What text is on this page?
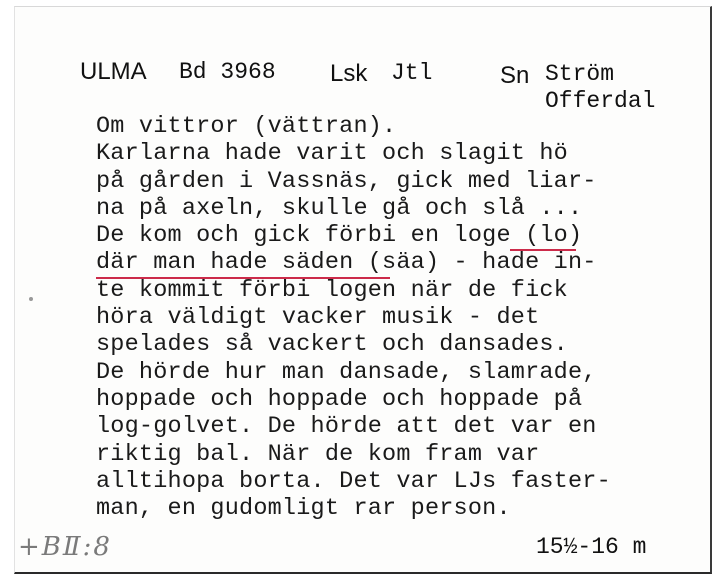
ULMA Bd 3968 Lsk Jtl	Sn Ström
Offerdal
Om vittror (vättran).
Karlarna hade varit och slagit hö
på gården i Vassnäs, gick med liar-
na på axeln, skulle gå och slå ...
De kom och gick förbi en loge (lo)
där man hade säden (säa) - hade in-
te kommit förbi logen när de fick
höra väldigt vacker musik - det
spelades så vackert och dansades.
De hörde hur man dansade, slamrade,
hoppade och hoppade och hoppade på
log-golvet. De hörde att det var en
riktig bal. När de kom fram var
alltihopa borta. Det var LJs faster-
man, en gudomligt rar person.
+BⅡ:8	15½-16 m
